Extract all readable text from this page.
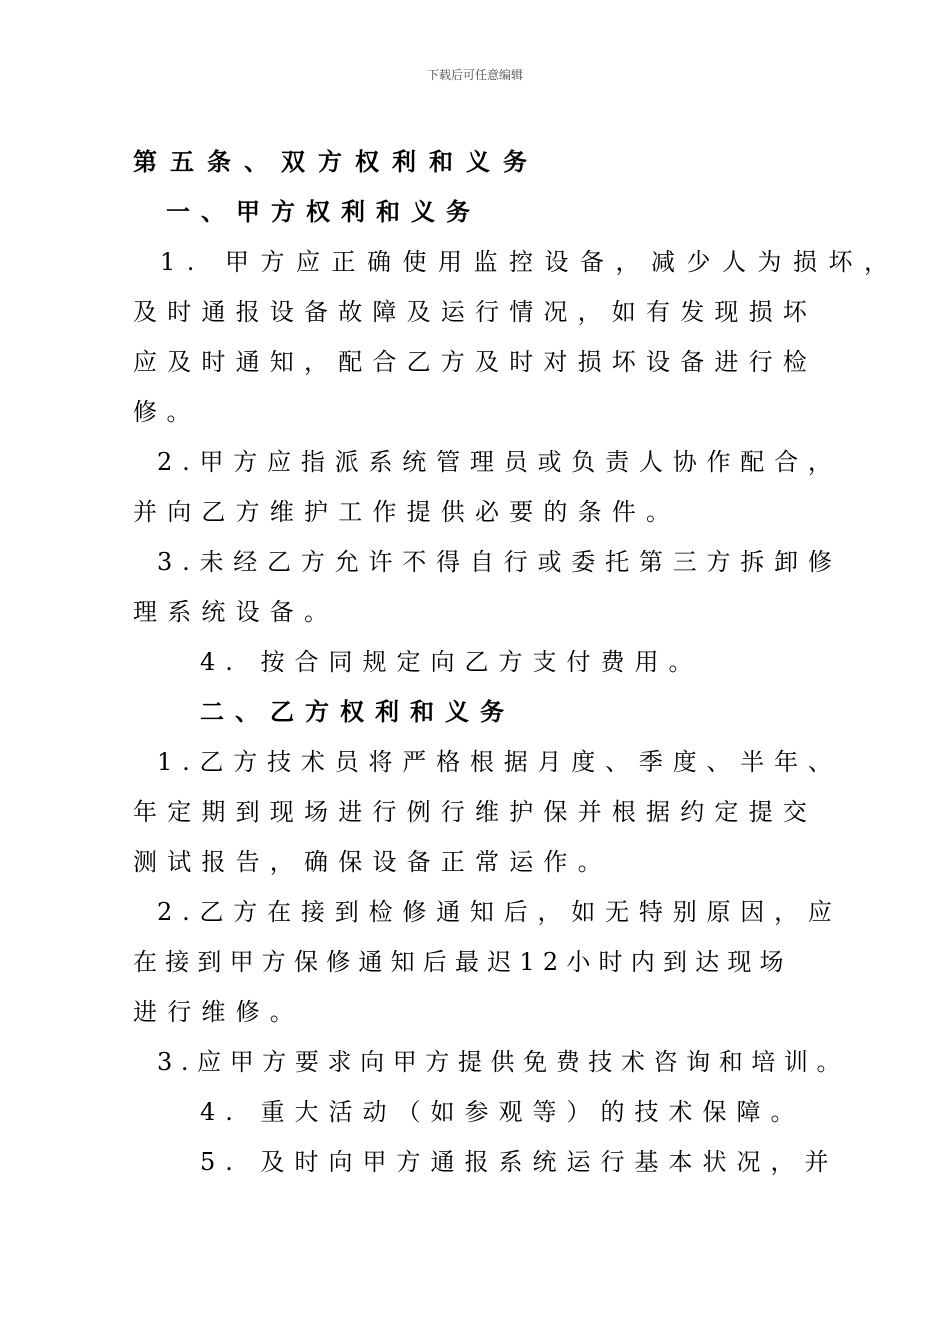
下载后可任意编辑
第五条、双方权利和义务
一、甲方权利和义务
1. 甲方应正确使用监控设备，减少人为损坏，
及时通报设备故障及运行情况，如有发现损坏
应及时通知，配合乙方及时对损坏设备进行检
修。
2.甲方应指派系统管理员或负责人协作配合，
并向乙方维护工作提供必要的条件。
3.未经乙方允许不得自行或委托第三方拆卸修
理系统设备。
4. 按合同规定向乙方支付费用。
二、乙方权利和义务
1.乙方技术员将严格根据月度、季度、半年、
年定期到现场进行例行维护保并根据约定提交
测试报告，确保设备正常运作。
2.乙方在接到检修通知后，如无特别原因，应
在接到甲方保修通知后最迟12小时内到达现场
进行维修。
3.应甲方要求向甲方提供免费技术咨询和培训。
4. 重大活动（如参观等）的技术保障。
5. 及时向甲方通报系统运行基本状况，并
